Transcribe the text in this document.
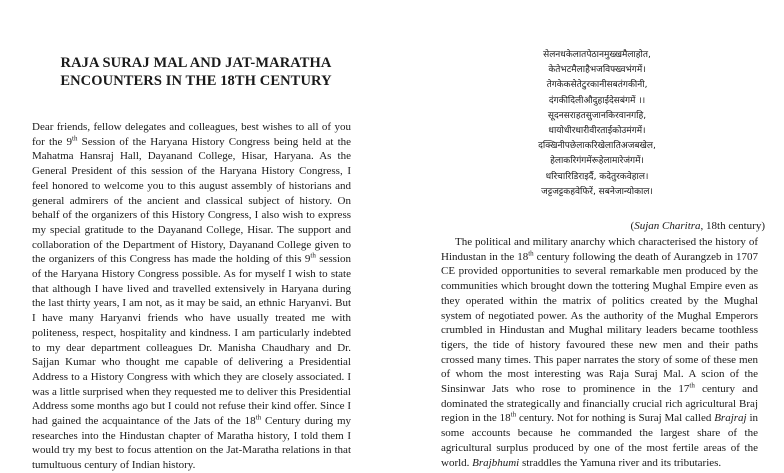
RAJA SURAJ MAL AND JAT-MARATHA
ENCOUNTERS IN THE 18TH CENTURY

Dear friends, fellow delegates and colleagues, best wishes to all of you for the 9th Session of the Haryana History Congress being held at the Mahatma Hansraj Hall, Dayanand College, Hisar, Haryana. As the General President of this session of the Haryana History Congress, I feel honored to welcome you to this august assembly of historians and general admirers of the ancient and classical subject of history. On behalf of the organizers of this History Congress, I also wish to express my special gratitude to the Dayanand College, Hisar. The support and collaboration of the Department of History, Dayanand College given to the organizers of this Congress has made the holding of this 9th session of the Haryana History Congress possible. As for myself I wish to state that although I have lived and travelled extensively in Haryana during the last thirty years, I am not, as it may be said, an ethnic Haryanvi. But I have many Haryanvi friends who have usually treated me with politeness, respect, hospitality and kindness. I am particularly indebted to my dear department colleagues Dr. Manisha Chaudhary and Dr. Sajjan Kumar who thought me capable of delivering a Presidential Address to a History Congress with which they are closely associated. I was a little surprised when they requested me to deliver this Presidential Address some months ago but I could not refuse their kind offer. Since I had gained the acquaintance of the Jats of the 18th Century during my researches into the Hindustan chapter of Maratha history, I told them I would try my best to focus attention on the Jat-Maratha relations in that tumultuous century of Indian history.

सेलनधकेलातपेठानमुख्खमैलाहोत,
केतेभटमैलाहैभजविफ्ख्वभंगमें।
तेगकेकसेतेटुरकानीसबतंगकीनी,
दंगकीदिलीऔदुहाईदेसबंगमें ।।
सूदनसराहतसुजानकिरवानगहि,
धायोधीरधारीवीरताईकोउमंगमें।
दक्खिनीपछेलाकरिखेलातिअजबखेल,
हेलाकरिगंगमेंरूहेलामारेजंगमें।
धरिचारिडिराइर्दै, कदेतुरकवेहाल।
जट्टजट्टकहवेफिरें, सबनेजान्योकाल।
(Sujan Charitra, 18th century)

The political and military anarchy which characterised the history of Hindustan in the 18th century following the death of Aurangzeb in 1707 CE provided opportunities to several remarkable men produced by the communities which brought down the tottering Mughal Empire even as they operated within the matrix of politics created by the Mughal system of negotiated power. As the authority of the Mughal Emperors crumbled in Hindustan and Mughal military leaders became toothless tigers, the tide of history favoured these new men and their paths crossed many times. This paper narrates the story of some of these men of whom the most interesting was Raja Suraj Mal. A scion of the Sinsinwar Jats who rose to prominence in the 17th century and dominated the strategically and financially crucial rich agricultural Braj region in the 18th century. Not for nothing is Suraj Mal called Brajraj in some accounts because he commanded the largest share of the agricultural surplus produced by one of the most fertile areas of the world. Brajbhumi straddles the Yamuna river and its tributaries.
